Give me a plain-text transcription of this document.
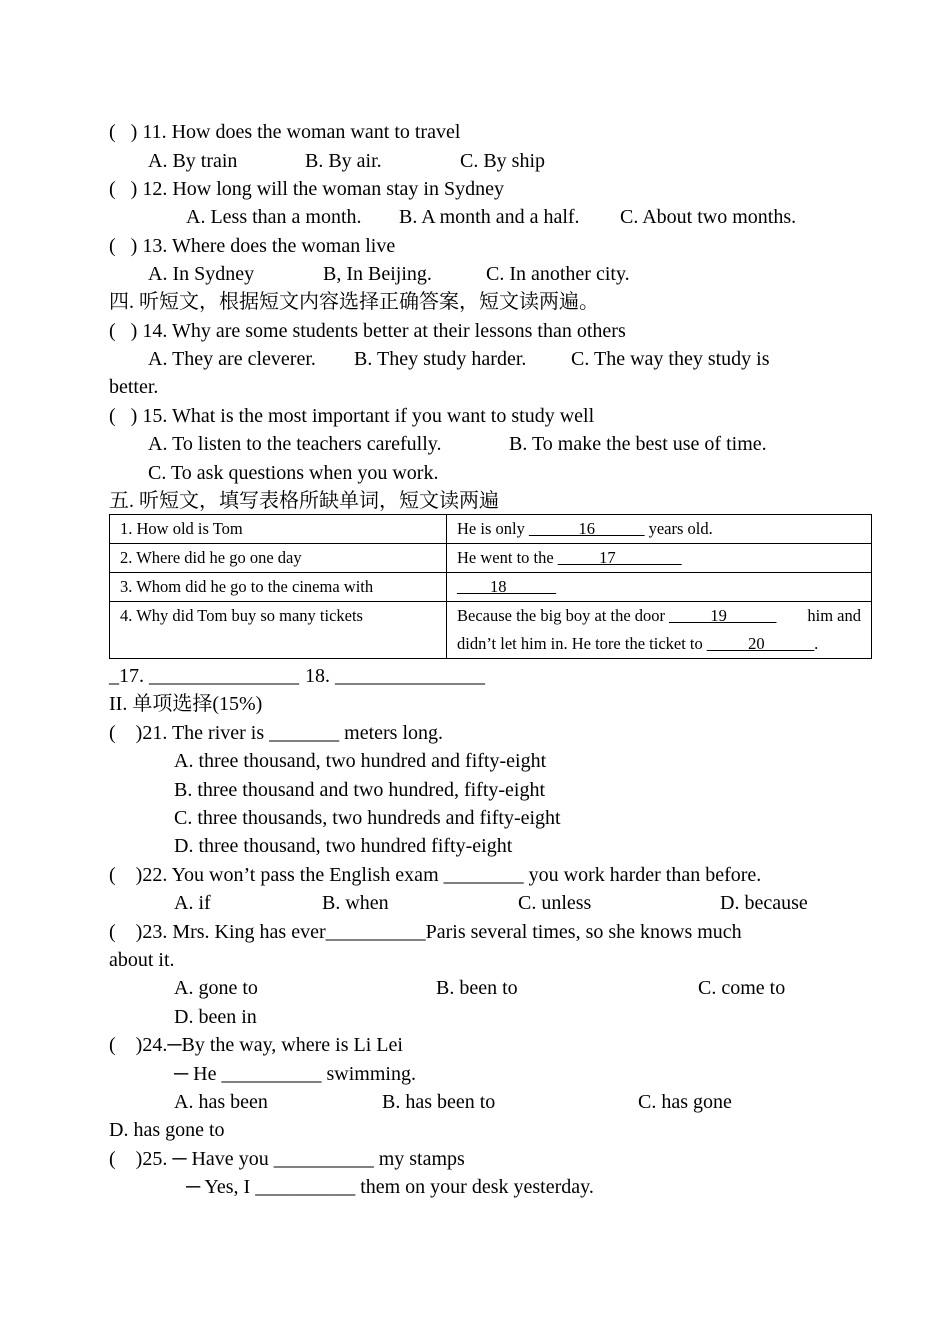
(   ) 11. How does the woman want to travel
A. By train	B. By air.	C. By ship
(   ) 12. How long will the woman stay in Sydney
A. Less than a month. B. A month and a half. C. About two months.
(   ) 13. Where does the woman live
A. In Sydney	B, In Beijing.	C. In another city.
四. 听短文，根据短文内容选择正确答案，短文读两遍。
(   ) 14. Why are some students better at their lessons than others
A. They are cleverer. B. They study harder. C. The way they study is
better.
(   ) 15. What is the most important if you want to study well
A. To listen to the teachers carefully.	B. To make the best use of time.
C. To ask questions when you work.
五. 听短文，填写表格所缺单词，短文读两遍
1. How old is Tom	He is only ______16______ years old.
2. Where did he go one day	He went to the _____17________
3. Whom did he go to the cinema with	____18______
4. Why did Tom buy so many tickets	Because the big boy at the door _____19______ him and
didn’t let him in. He tore the ticket to _____20______.
_17. _______________ 18. _______________
II. 单项选择(15%)
(    )21. The river is _______ meters long.
A. three thousand, two hundred and fifty-eight
B. three thousand and two hundred, fifty-eight
C. three thousands, two hundreds and fifty-eight
D. three thousand, two hundred fifty-eight
(    )22. You won’t pass the English exam ________ you work harder than before.
A. if	B. when	C. unless	D. because
(    )23. Mrs. King has ever__________Paris several times, so she knows much
about it.
A. gone to	B. been to	C. come to
D. been in
(    )24.─By the way, where is Li Lei
─ He __________ swimming.
A. has been	B. has been to	C. has gone
D. has gone to
(    )25. ─ Have you __________ my stamps
─ Yes, I __________ them on your desk yesterday.
